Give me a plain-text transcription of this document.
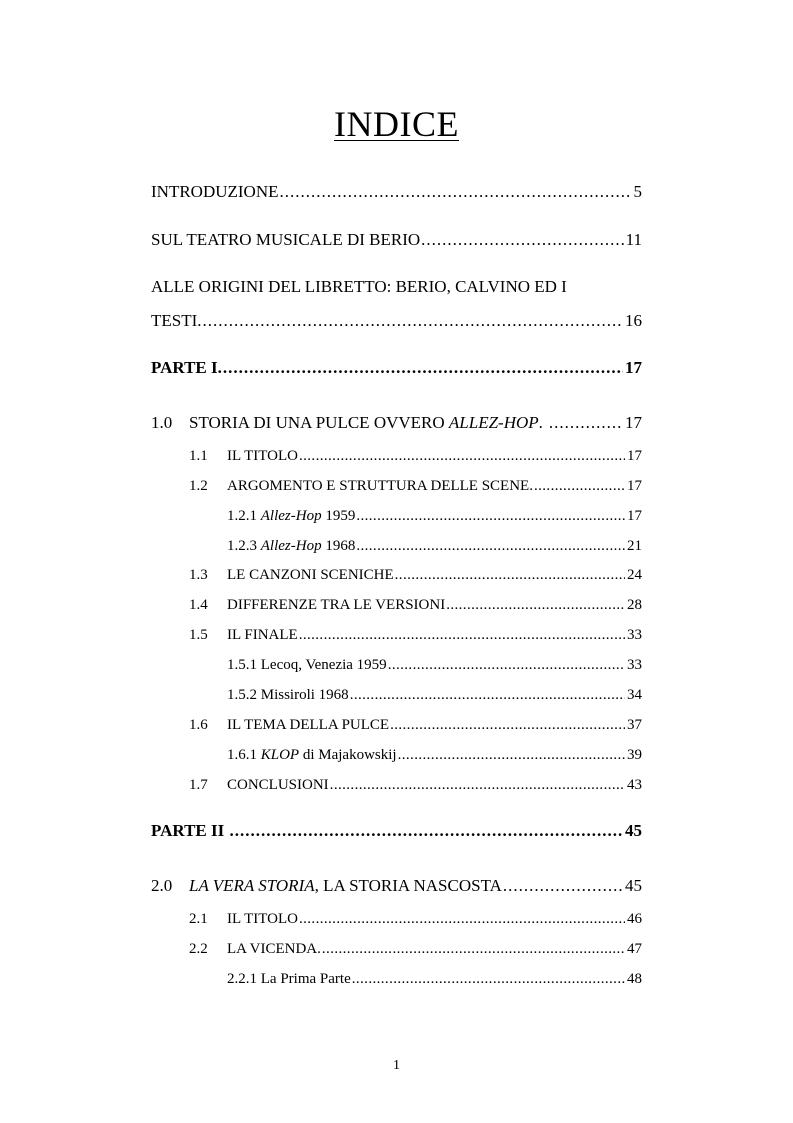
INDICE
INTRODUZIONE .....	5
SUL TEATRO MUSICALE DI BERIO .....	11
ALLE ORIGINI DEL LIBRETTO: BERIO, CALVINO ED I
TESTI. .....	16
PARTE I. .....	17
1.0 STORIA DI UNA PULCE OVVERO ALLEZ-HOP. .....	17
1.1	IL TITOLO .....	17
1.2	ARGOMENTO E STRUTTURA DELLE SCENE. .....	17
1.2.1 Allez-Hop 1959 .....	17
1.2.3 Allez-Hop 1968 .....	21
1.3	LE CANZONI SCENICHE .....	24
1.4	DIFFERENZE TRA LE VERSIONI .....	28
1.5	IL FINALE .....	33
1.5.1 Lecoq, Venezia 1959 .....	33
1.5.2 Missiroli 1968 .....	34
1.6	IL TEMA DELLA PULCE .....	37
1.6.1 KLOP di Majakowskij .....	39
1.7	CONCLUSIONI .....	43
PARTE II .....	45
2.0 LA VERA STORIA, LA STORIA NASCOSTA .....	45
2.1	IL TITOLO .....	46
2.2	LA VICENDA. .....	47
2.2.1 La Prima Parte .....	48
1
